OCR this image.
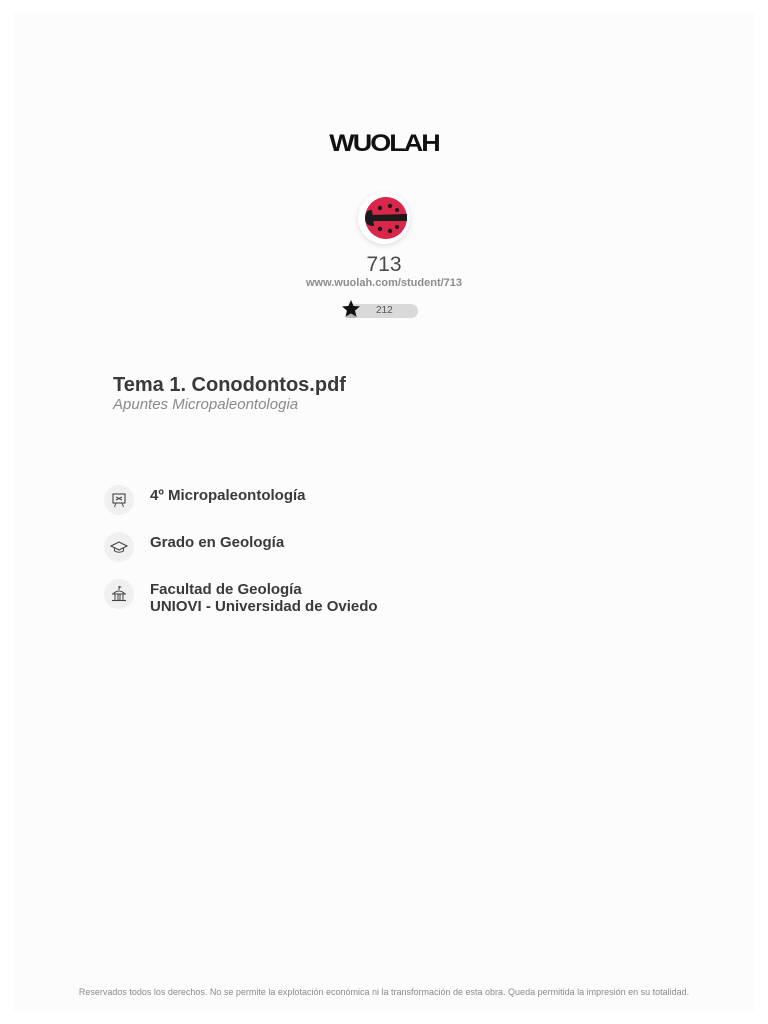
WUOLAH
713
www.wuolah.com/student/713
212
Tema 1. Conodontos.pdf
Apuntes Micropaleontologia
4º Micropaleontología
Grado en Geología
Facultad de Geología
UNIOVI - Universidad de Oviedo
Reservados todos los derechos. No se permite la explotación económica ni la transformación de esta obra. Queda permitida la impresión en su totalidad.
